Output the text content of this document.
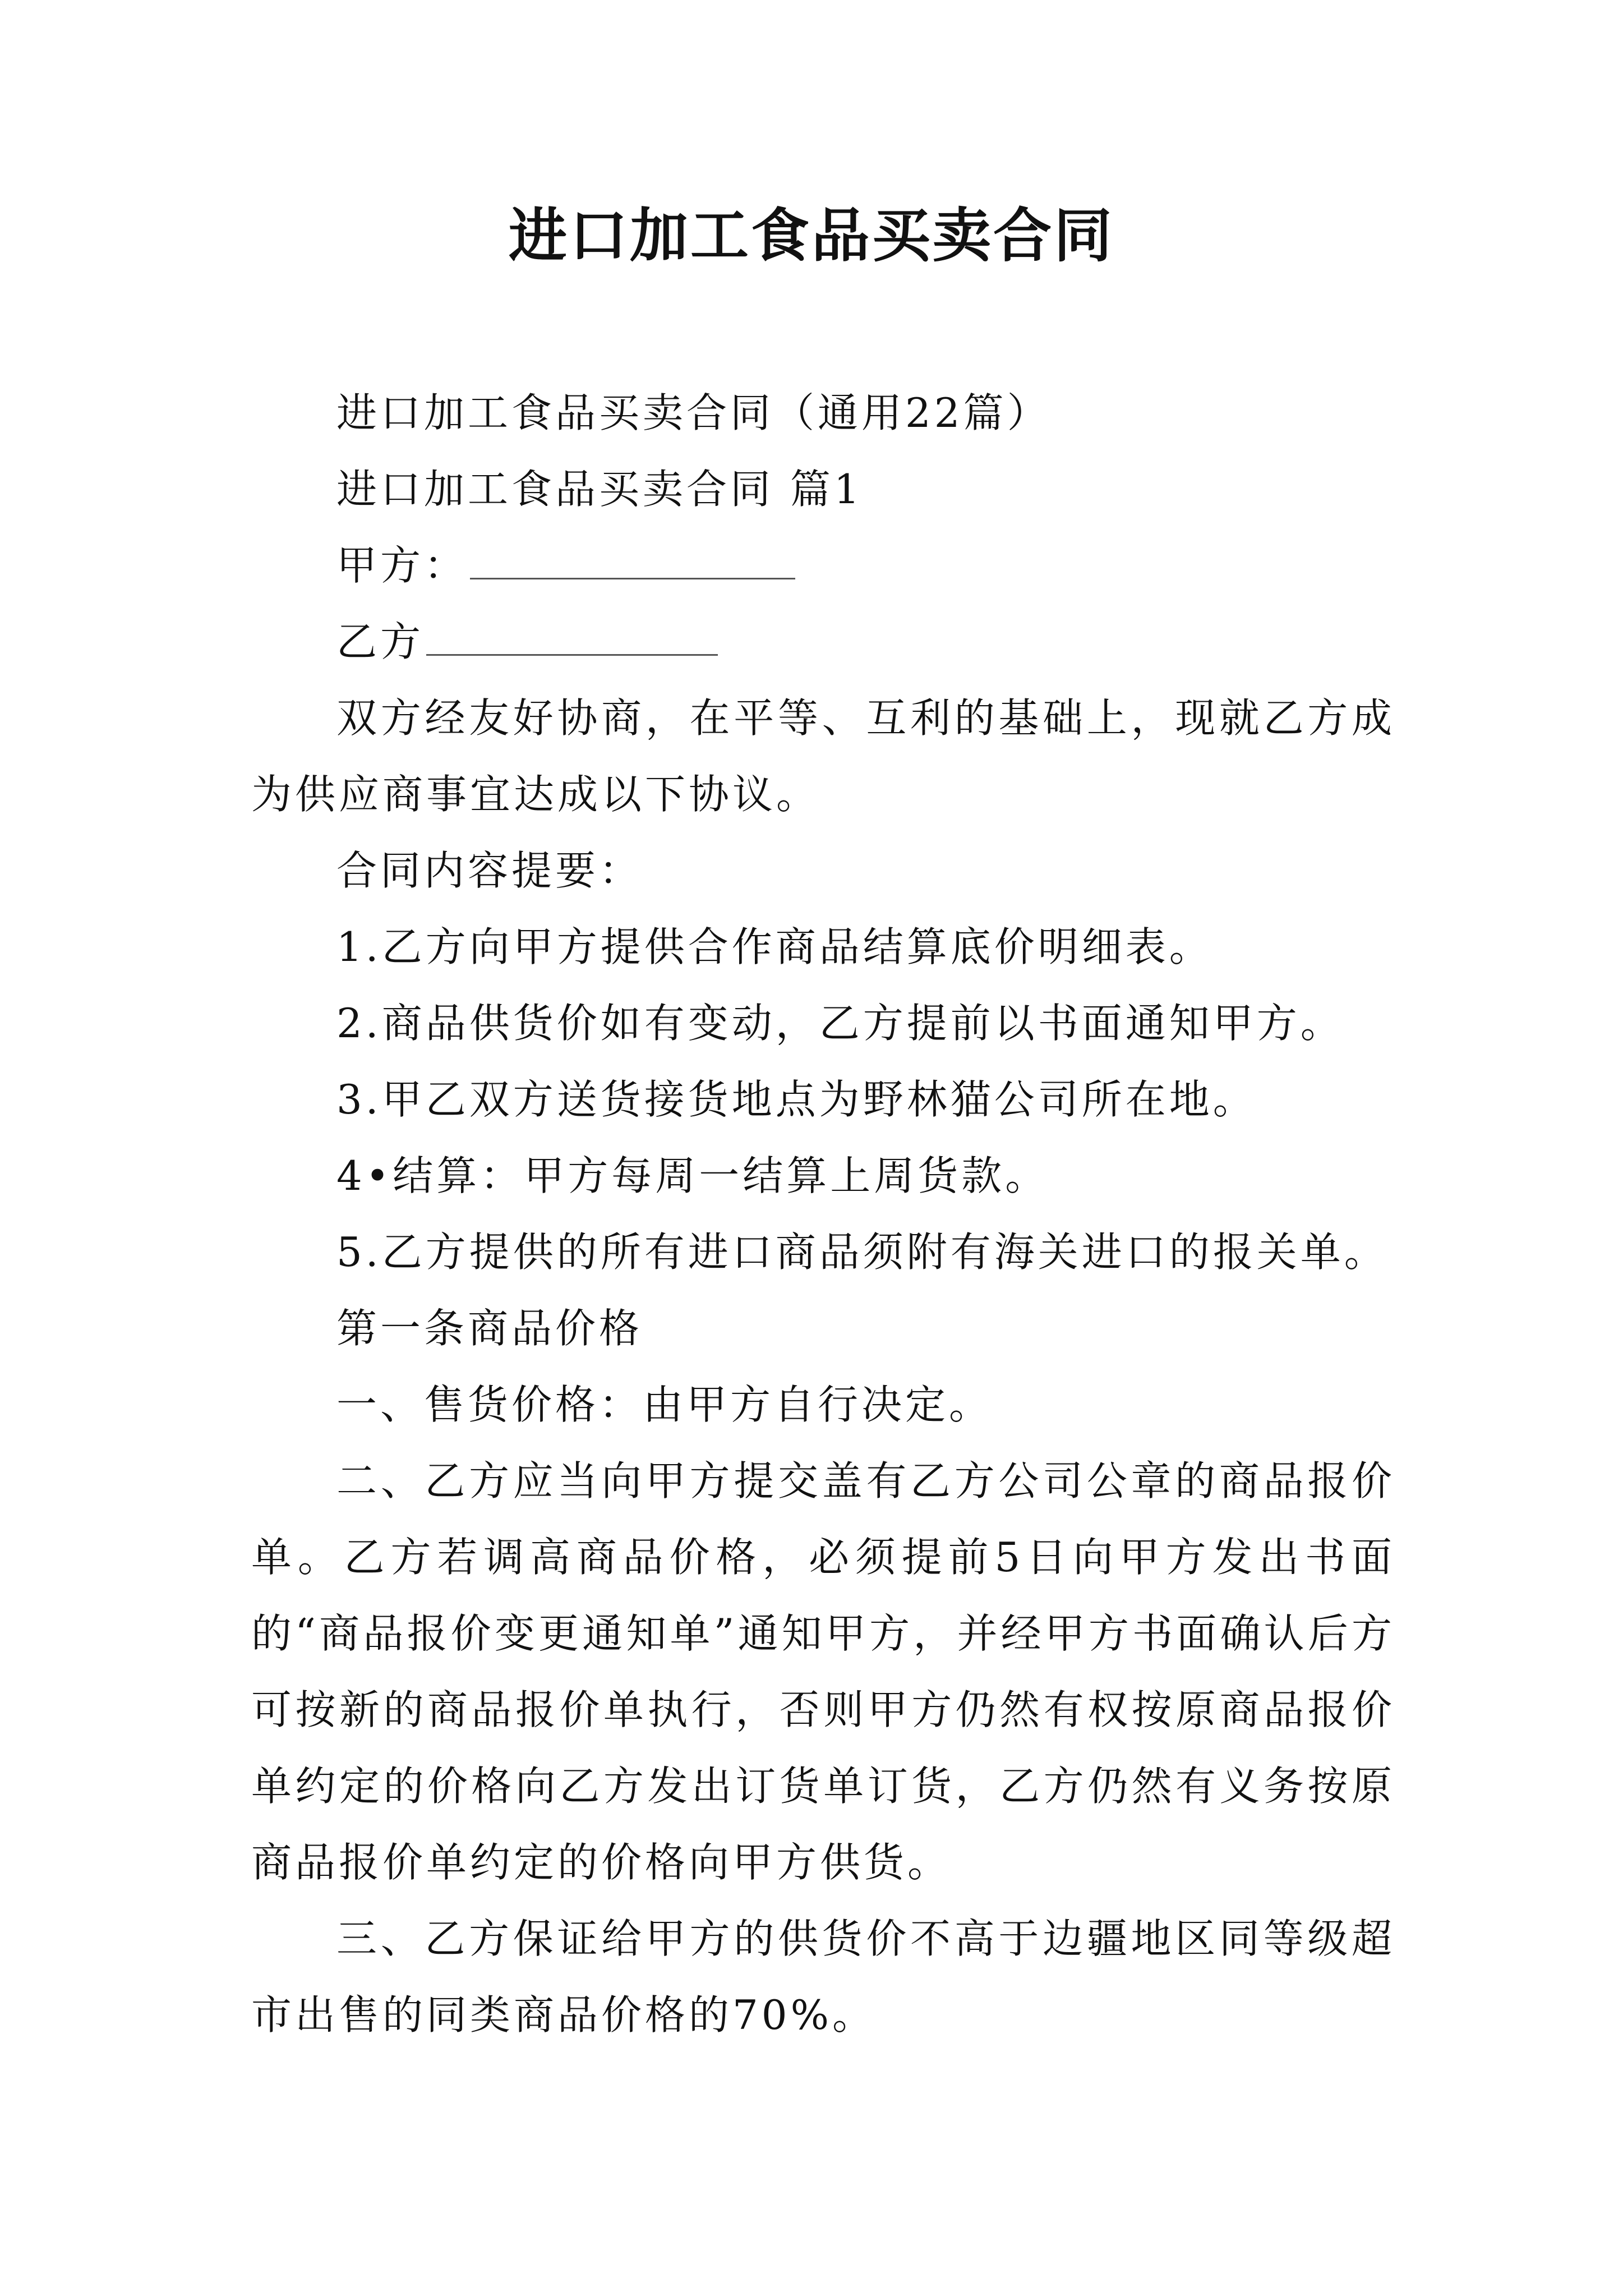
进口加工食品买卖合同

进口加工食品买卖合同（通用22篇）

进口加工食品买卖合同 篇1

甲方：

乙方

双方经友好协商，在平等、互利的基础上，现就乙方成为供应商事宜达成以下协议。

合同内容提要：

1.乙方向甲方提供合作商品结算底价明细表。

2.商品供货价如有变动，乙方提前以书面通知甲方。

3.甲乙双方送货接货地点为野林猫公司所在地。

4•结算：甲方每周一结算上周货款。

5.乙方提供的所有进口商品须附有海关进口的报关单。

第一条商品价格

一、售货价格：由甲方自行决定。

二、乙方应当向甲方提交盖有乙方公司公章的商品报价单。乙方若调高商品价格，必须提前5日向甲方发出书面的“商品报价变更通知单”通知甲方，并经甲方书面确认后方可按新的商品报价单执行，否则甲方仍然有权按原商品报价单约定的价格向乙方发出订货单订货，乙方仍然有义务按原商品报价单约定的价格向甲方供货。

三、乙方保证给甲方的供货价不高于边疆地区同等级超市出售的同类商品价格的70%。
